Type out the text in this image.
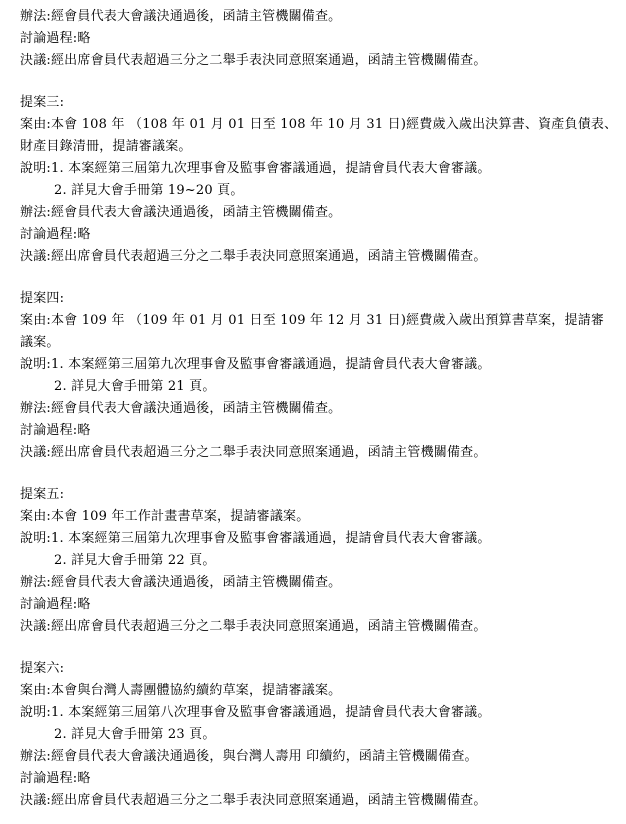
辦法:經會員代表大會議決通過後，函請主管機關備查。
討論過程:略
決議:經出席會員代表超過三分之二舉手表決同意照案通過，函請主管機關備查。
提案三:
案由:本會 108 年 （108 年 01 月 01 日至 108 年 10 月 31 日)經費歲入歲出決算書、資產負債表、
財產目錄清冊，提請審議案。
說明:1. 本案經第三屆第九次理事會及監事會審議通過，提請會員代表大會審議。
2. 詳見大會手冊第 19~20 頁。
辦法:經會員代表大會議決通過後，函請主管機關備查。
討論過程:略
決議:經出席會員代表超過三分之二舉手表決同意照案通過，函請主管機關備查。
提案四:
案由:本會 109 年 （109 年 01 月 01 日至 109 年 12 月 31 日)經費歲入歲出預算書草案，提請審
議案。
說明:1. 本案經第三屆第九次理事會及監事會審議通過，提請會員代表大會審議。
2. 詳見大會手冊第 21 頁。
辦法:經會員代表大會議決通過後，函請主管機關備查。
討論過程:略
決議:經出席會員代表超過三分之二舉手表決同意照案通過，函請主管機關備查。
提案五:
案由:本會 109 年工作計畫書草案，提請審議案。
說明:1. 本案經第三屆第九次理事會及監事會審議通過，提請會員代表大會審議。
2. 詳見大會手冊第 22 頁。
辦法:經會員代表大會議決通過後，函請主管機關備查。
討論過程:略
決議:經出席會員代表超過三分之二舉手表決同意照案通過，函請主管機關備查。
提案六:
案由:本會與台灣人壽團體協約續約草案，提請審議案。
說明:1. 本案經第三屆第八次理事會及監事會審議通過，提請會員代表大會審議。
2. 詳見大會手冊第 23 頁。
辦法:經會員代表大會議決通過後，與台灣人壽用 印續約，函請主管機關備查。
討論過程:略
決議:經出席會員代表超過三分之二舉手表決同意照案通過，函請主管機關備查。
